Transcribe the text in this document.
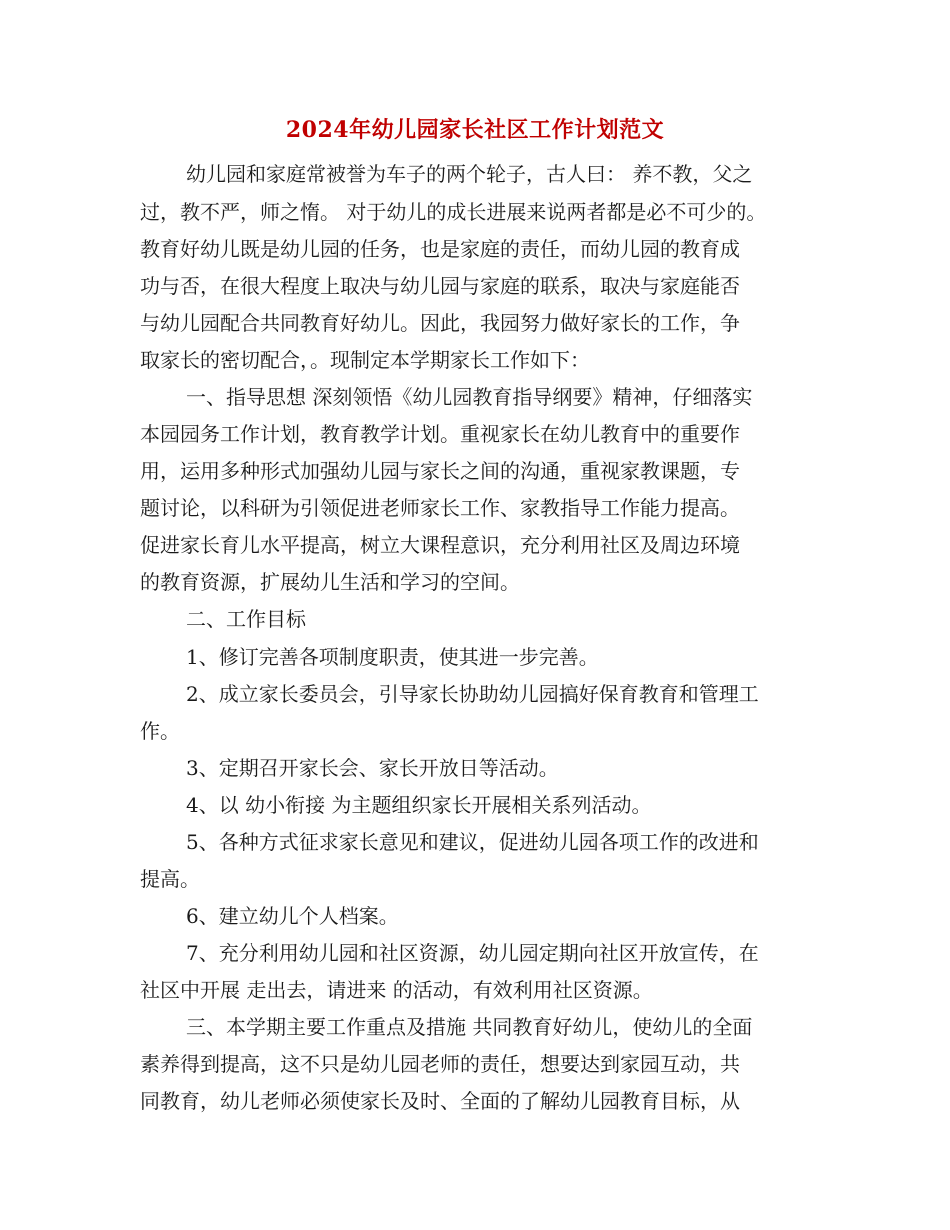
2024年幼儿园家长社区工作计划范文
幼儿园和家庭常被誉为车子的两个轮子，古人曰： 养不教，父之
过，教不严，师之惰。 对于幼儿的成长进展来说两者都是必不可少的。
教育好幼儿既是幼儿园的任务，也是家庭的责任，而幼儿园的教育成
功与否，在很大程度上取决与幼儿园与家庭的联系，取决与家庭能否
与幼儿园配合共同教育好幼儿。因此，我园努力做好家长的工作，争
取家长的密切配合，。现制定本学期家长工作如下：
一、指导思想 深刻领悟《幼儿园教育指导纲要》精神，仔细落实
本园园务工作计划，教育教学计划。重视家长在幼儿教育中的重要作
用，运用多种形式加强幼儿园与家长之间的沟通，重视家教课题，专
题讨论，以科研为引领促进老师家长工作、家教指导工作能力提高。
促进家长育儿水平提高，树立大课程意识，充分利用社区及周边环境
的教育资源，扩展幼儿生活和学习的空间。
二、工作目标
1、修订完善各项制度职责，使其进一步完善。
2、成立家长委员会，引导家长协助幼儿园搞好保育教育和管理工
作。
3、定期召开家长会、家长开放日等活动。
4、以 幼小衔接 为主题组织家长开展相关系列活动。
5、各种方式征求家长意见和建议，促进幼儿园各项工作的改进和
提高。
6、建立幼儿个人档案。
7、充分利用幼儿园和社区资源，幼儿园定期向社区开放宣传，在
社区中开展 走出去，请进来 的活动，有效利用社区资源。
三、本学期主要工作重点及措施 共同教育好幼儿，使幼儿的全面
素养得到提高，这不只是幼儿园老师的责任，想要达到家园互动，共
同教育，幼儿老师必须使家长及时、全面的了解幼儿园教育目标，从
